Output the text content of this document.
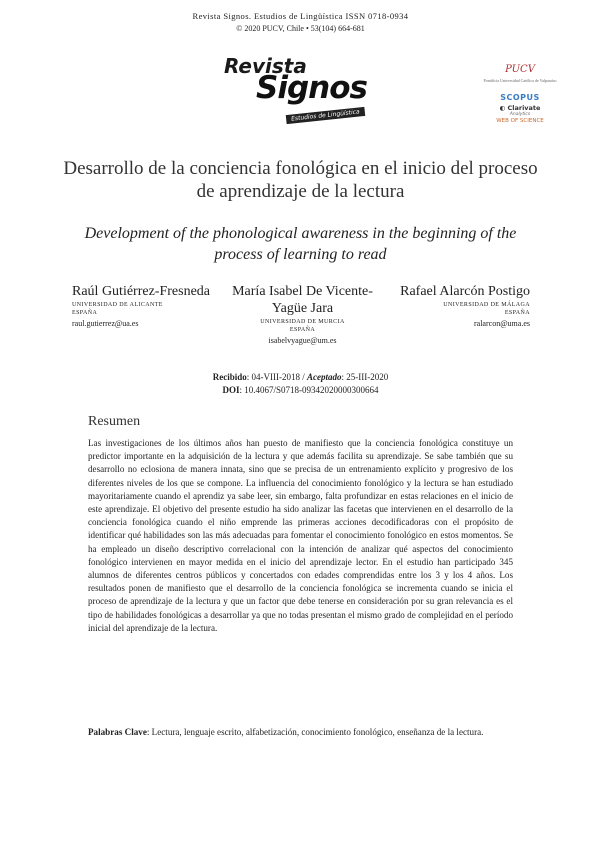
Revista Signos. Estudios de Lingüística ISSN 0718-0934
© 2020 PUCV, Chile • 53(104) 664-681
Revista
Signos
Estudios de Lingüística
PUCV
Pontificia Universidad Católica de Valparaíso
SCOPUS
◐ Clarivate
Analytics
WEB OF SCIENCE
Desarrollo de la conciencia fonológica en el inicio del proceso de aprendizaje de la lectura
Development of the phonological awareness in the beginning of the process of learning to read
Raúl Gutiérrez-Fresneda
UNIVERSIDAD DE ALICANTE
ESPAÑA
raul.gutierrez@ua.es
María Isabel De Vicente-Yagüe Jara
UNIVERSIDAD DE MURCIA
ESPAÑA
isabelvyague@um.es
Rafael Alarcón Postigo
UNIVERSIDAD DE MÁLAGA
ESPAÑA
ralarcon@uma.es
Recibido: 04-VIII-2018 / Aceptado: 25-III-2020
DOI: 10.4067/S0718-09342020000300664
Resumen
Las investigaciones de los últimos años han puesto de manifiesto que la conciencia fonológica constituye un predictor importante en la adquisición de la lectura y que además facilita su aprendizaje. Se sabe también que su desarrollo no eclosiona de manera innata, sino que se precisa de un entrenamiento explícito y progresivo de los diferentes niveles de los que se compone. La influencia del conocimiento fonológico y la lectura se han estudiado mayoritariamente cuando el aprendiz ya sabe leer, sin embargo, falta profundizar en estas relaciones en el inicio de este aprendizaje. El objetivo del presente estudio ha sido analizar las facetas que intervienen en el desarrollo de la conciencia fonológica cuando el niño emprende las primeras acciones decodificadoras con el propósito de identificar qué habilidades son las más adecuadas para fomentar el conocimiento fonológico en estos momentos. Se ha empleado un diseño descriptivo correlacional con la intención de analizar qué aspectos del conocimiento fonológico intervienen en mayor medida en el inicio del aprendizaje lector. En el estudio han participado 345 alumnos de diferentes centros públicos y concertados con edades comprendidas entre los 3 y los 4 años. Los resultados ponen de manifiesto que el desarrollo de la conciencia fonológica se incrementa cuando se inicia el proceso de aprendizaje de la lectura y que un factor que debe tenerse en consideración por su gran relevancia es el tipo de habilidades fonológicas a desarrollar ya que no todas presentan el mismo grado de complejidad en el período inicial del aprendizaje de la lectura.
Palabras Clave: Lectura, lenguaje escrito, alfabetización, conocimiento fonológico, enseñanza de la lectura.
